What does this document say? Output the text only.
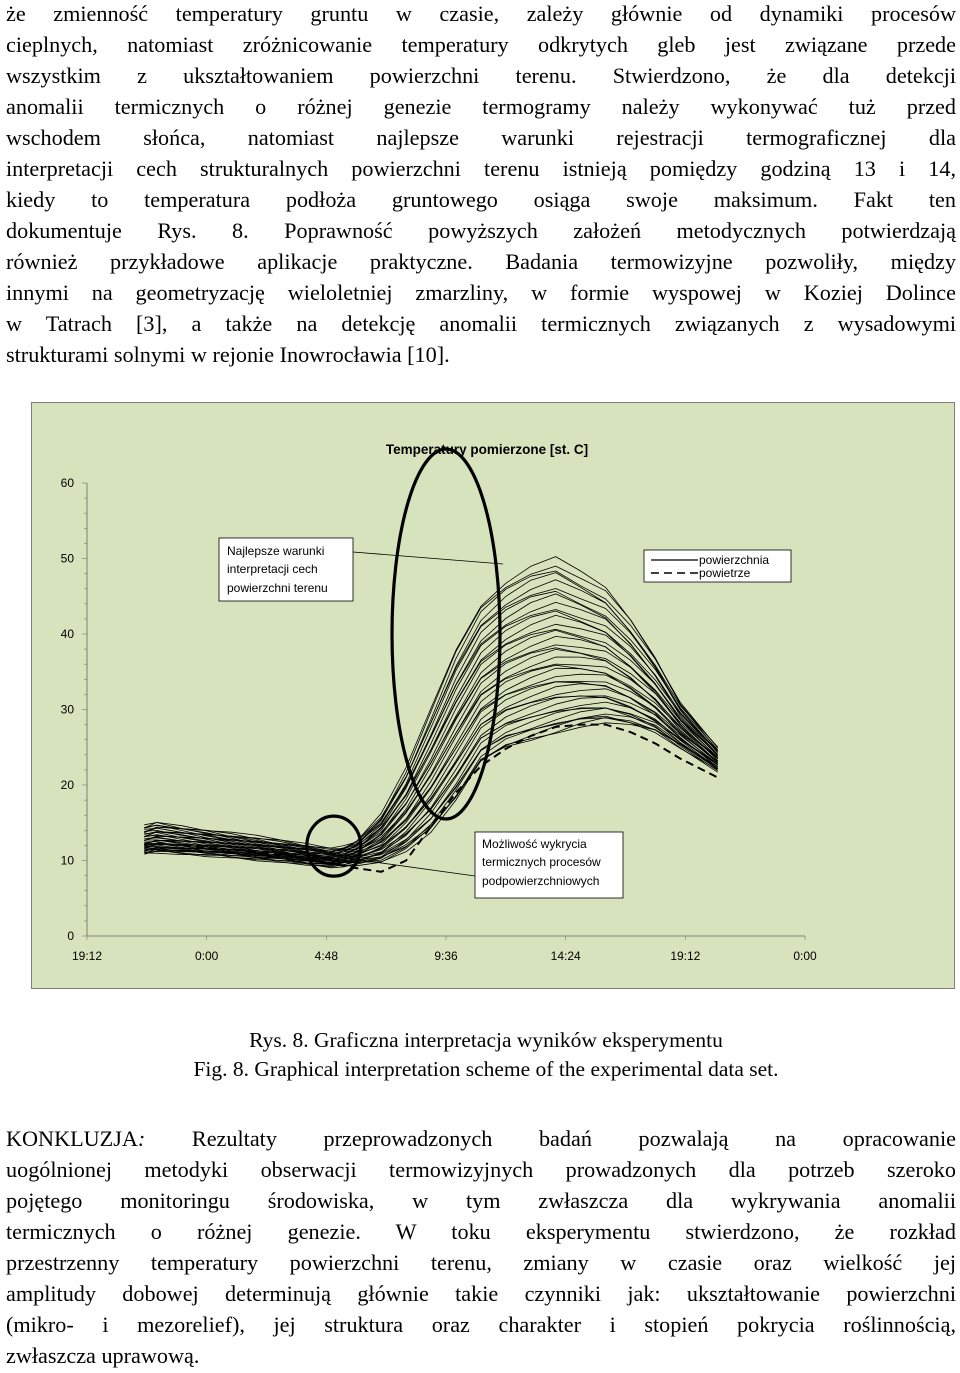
że zmienność temperatury gruntu w czasie, zależy głównie od dynamiki procesów
cieplnych, natomiast zróżnicowanie temperatury odkrytych gleb jest związane przede
wszystkim z ukształtowaniem powierzchni terenu. Stwierdzono, że dla detekcji
anomalii termicznych o różnej genezie termogramy należy wykonywać tuż przed
wschodem słońca, natomiast najlepsze warunki rejestracji termograficznej dla
interpretacji cech strukturalnych powierzchni terenu istnieją pomiędzy godziną 13 i 14,
kiedy to temperatura podłoża gruntowego osiąga swoje maksimum. Fakt ten
dokumentuje Rys. 8. Poprawność powyższych założeń metodycznych potwierdzają
również przykładowe aplikacje praktyczne. Badania termowizyjne pozwoliły, między
innymi na geometryzację wieloletniej zmarzliny, w formie wyspowej w Koziej Dolince
w Tatrach [3], a także na detekcję anomalii termicznych związanych z wysadowymi
strukturami solnymi w rejonie Inowrocławia [10].
0
10
20
30
40
50
60
19:12	0:00	4:48	9:36	14:24	19:12	0:00
Temperatury pomierzone [st. C]
powierzchnia
powietrze
Najlepsze warunki
interpretacji cech
powierzchni terenu
Możliwość wykrycia
termicznych procesów
podpowierzchniowych
Rys. 8. Graficzna interpretacja wyników eksperymentu
Fig. 8. Graphical interpretation scheme of the experimental data set.
KONKLUZJA: Rezultaty przeprowadzonych badań pozwalają na opracowanie
uogólnionej metodyki obserwacji termowizyjnych prowadzonych dla potrzeb szeroko
pojętego monitoringu środowiska, w tym zwłaszcza dla wykrywania anomalii
termicznych o różnej genezie. W toku eksperymentu stwierdzono, że rozkład
przestrzenny temperatury powierzchni terenu, zmiany w czasie oraz wielkość jej
amplitudy dobowej determinują głównie takie czynniki jak: ukształtowanie powierzchni
(mikro- i mezorelief), jej struktura oraz charakter i stopień pokrycia roślinnością,
zwłaszcza uprawową.
